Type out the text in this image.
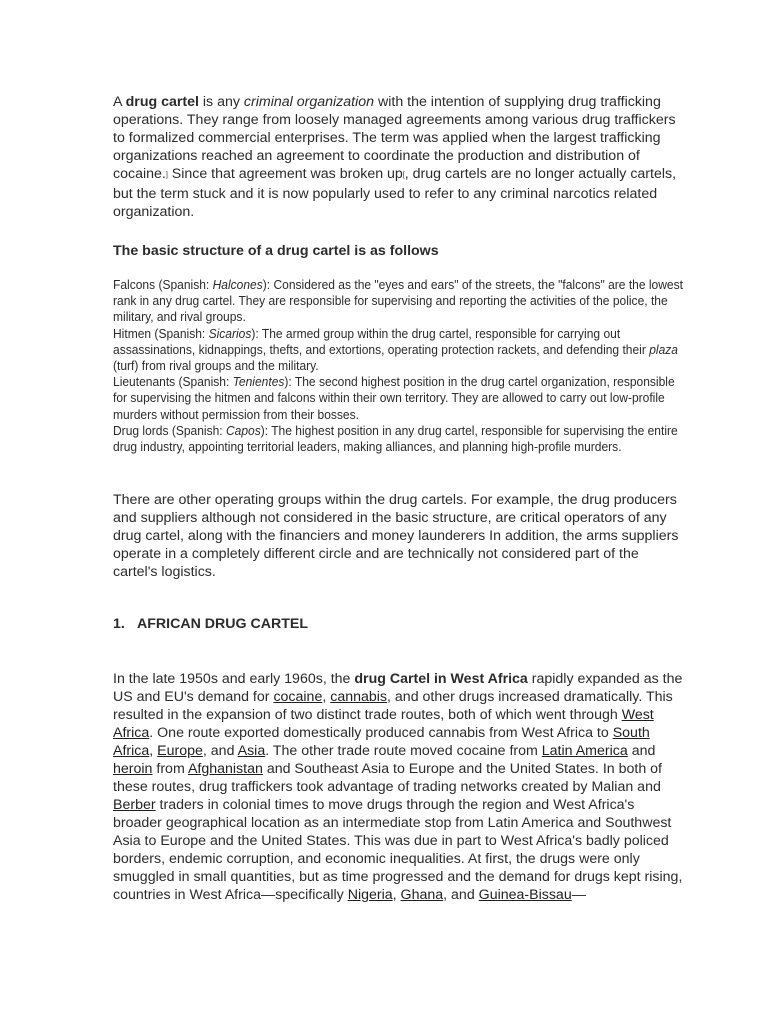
A drug cartel is any criminal organization with the intention of supplying drug trafficking operations. They range from loosely managed agreements among various drug traffickers to formalized commercial enterprises. The term was applied when the largest trafficking organizations reached an agreement to coordinate the production and distribution of cocaine.] Since that agreement was broken up[, drug cartels are no longer actually cartels, but the term stuck and it is now popularly used to refer to any criminal narcotics related organization.

The basic structure of a drug cartel is as follows

Falcons (Spanish: Halcones): Considered as the "eyes and ears" of the streets, the "falcons" are the lowest rank in any drug cartel. They are responsible for supervising and reporting the activities of the police, the military, and rival groups.

Hitmen (Spanish: Sicarios): The armed group within the drug cartel, responsible for carrying out assassinations, kidnappings, thefts, and extortions, operating protection rackets, and defending their plaza (turf) from rival groups and the military.

Lieutenants (Spanish: Tenientes): The second highest position in the drug cartel organization, responsible for supervising the hitmen and falcons within their own territory. They are allowed to carry out low-profile murders without permission from their bosses.

Drug lords (Spanish: Capos): The highest position in any drug cartel, responsible for supervising the entire drug industry, appointing territorial leaders, making alliances, and planning high-profile murders.

There are other operating groups within the drug cartels. For example, the drug producers and suppliers although not considered in the basic structure, are critical operators of any drug cartel, along with the financiers and money launderers In addition, the arms suppliers operate in a completely different circle and are technically not considered part of the cartel's logistics.

1. AFRICAN DRUG CARTEL

In the late 1950s and early 1960s, the drug Cartel in West Africa rapidly expanded as the US and EU's demand for cocaine, cannabis, and other drugs increased dramatically. This resulted in the expansion of two distinct trade routes, both of which went through West Africa. One route exported domestically produced cannabis from West Africa to South Africa, Europe, and Asia. The other trade route moved cocaine from Latin America and heroin from Afghanistan and Southeast Asia to Europe and the United States. In both of these routes, drug traffickers took advantage of trading networks created by Malian and Berber traders in colonial times to move drugs through the region and West Africa's broader geographical location as an intermediate stop from Latin America and Southwest Asia to Europe and the United States. This was due in part to West Africa's badly policed borders, endemic corruption, and economic inequalities. At first, the drugs were only smuggled in small quantities, but as time progressed and the demand for drugs kept rising, countries in West Africa—specifically Nigeria, Ghana, and Guinea-Bissau—
